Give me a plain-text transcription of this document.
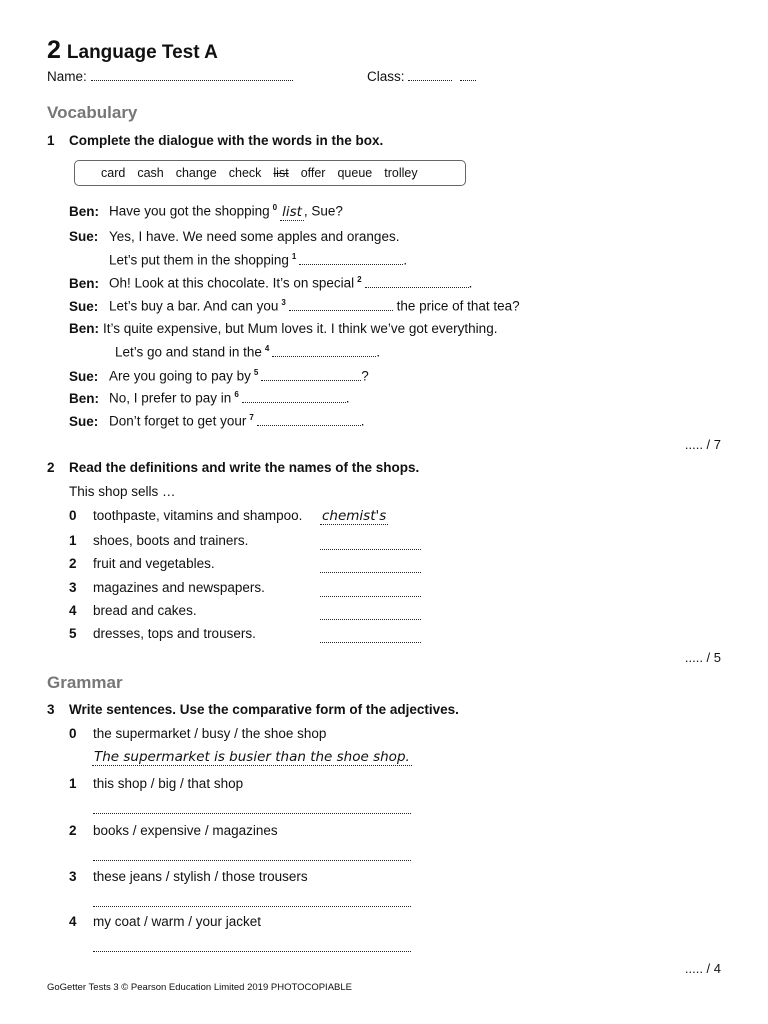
2 Language Test A
Name:	Class:
Vocabulary
1 Complete the dialogue with the words in the box.
card cash change check list offer queue trolley
Ben: Have you got the shopping $^0$ list , Sue?
Sue: Yes, I have. We need some apples and oranges.
Let’s put them in the shopping $^1$	.
Ben: Oh! Look at this chocolate. It’s on special $^2$	.
Sue: Let’s buy a bar. And can you $^3$	the price of that tea?
Ben: It’s quite expensive, but Mum loves it. I think we’ve got everything.
Let’s go and stand in the $^4$	.
Sue: Are you going to pay by $^5$	?
Ben: No, I prefer to pay in $^6$	.
Sue: Don’t forget to get your $^7$	.
..... / 7
2 Read the definitions and write the names of the shops.
This shop sells …
0 toothpaste, vitamins and shampoo. chemist's
1 shoes, boots and trainers.
2 fruit and vegetables.
3 magazines and newspapers.
4 bread and cakes.
5 dresses, tops and trousers.
..... / 5
Grammar
3 Write sentences. Use the comparative form of the adjectives.
0 the supermarket / busy / the shoe shop
The supermarket is busier than the shoe shop.
1 this shop / big / that shop
2 books / expensive / magazines
3 these jeans / stylish / those trousers
4 my coat / warm / your jacket
..... / 4
GoGetter Tests 3 © Pearson Education Limited 2019 PHOTOCOPIABLE
